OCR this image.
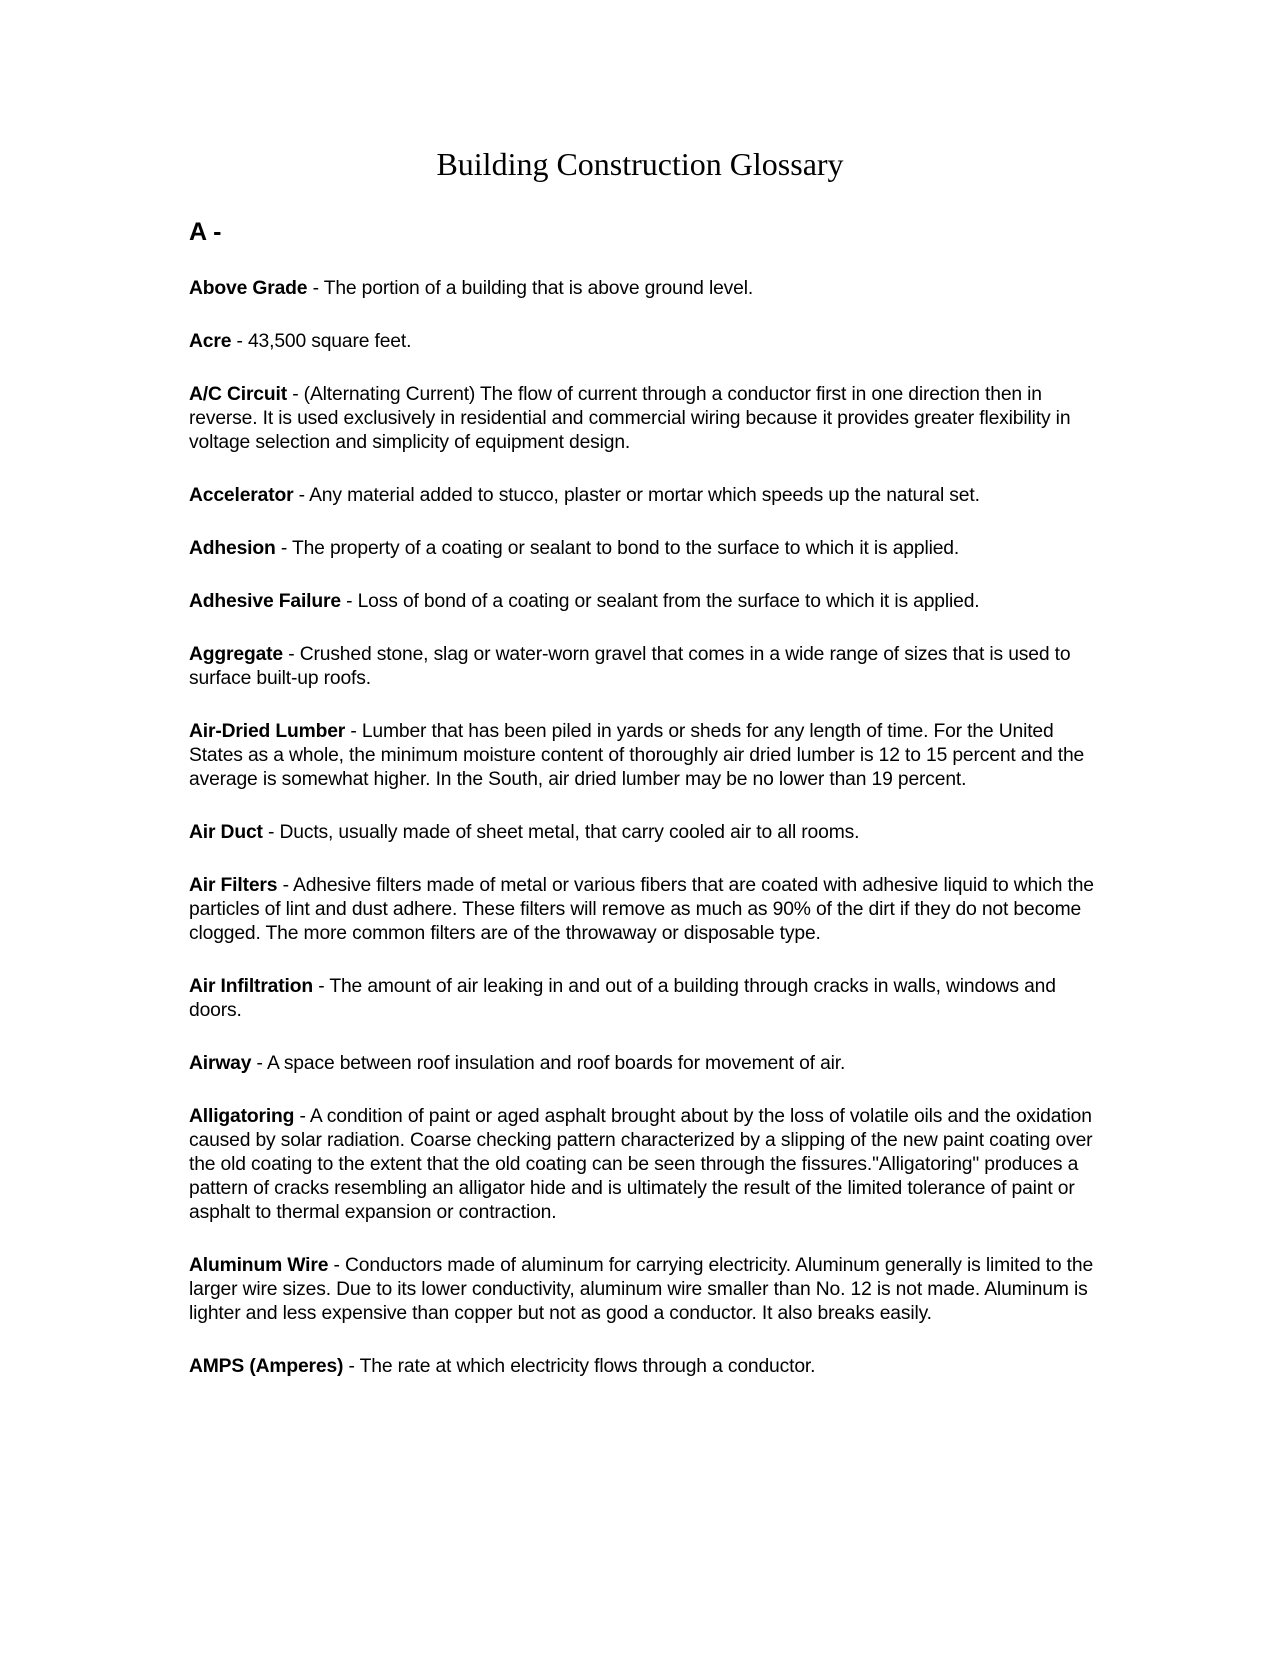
Building Construction Glossary
A -

Above Grade - The portion of a building that is above ground level.

Acre - 43,500 square feet.

A/C Circuit - (Alternating Current) The flow of current through a conductor first in one direction then in reverse. It is used exclusively in residential and commercial wiring because it provides greater flexibility in voltage selection and simplicity of equipment design.

Accelerator - Any material added to stucco, plaster or mortar which speeds up the natural set.

Adhesion - The property of a coating or sealant to bond to the surface to which it is applied.

Adhesive Failure - Loss of bond of a coating or sealant from the surface to which it is applied.

Aggregate - Crushed stone, slag or water-worn gravel that comes in a wide range of sizes that is used to surface built-up roofs.

Air-Dried Lumber - Lumber that has been piled in yards or sheds for any length of time. For the United States as a whole, the minimum moisture content of thoroughly air dried lumber is 12 to 15 percent and the average is somewhat higher. In the South, air dried lumber may be no lower than 19 percent.

Air Duct - Ducts, usually made of sheet metal, that carry cooled air to all rooms.

Air Filters - Adhesive filters made of metal or various fibers that are coated with adhesive liquid to which the particles of lint and dust adhere. These filters will remove as much as 90% of the dirt if they do not become clogged. The more common filters are of the throwaway or disposable type.

Air Infiltration - The amount of air leaking in and out of a building through cracks in walls, windows and doors.

Airway - A space between roof insulation and roof boards for movement of air.

Alligatoring - A condition of paint or aged asphalt brought about by the loss of volatile oils and the oxidation caused by solar radiation. Coarse checking pattern characterized by a slipping of the new paint coating over the old coating to the extent that the old coating can be seen through the fissures."Alligatoring" produces a pattern of cracks resembling an alligator hide and is ultimately the result of the limited tolerance of paint or asphalt to thermal expansion or contraction.

Aluminum Wire - Conductors made of aluminum for carrying electricity. Aluminum generally is limited to the larger wire sizes. Due to its lower conductivity, aluminum wire smaller than No. 12 is not made. Aluminum is lighter and less expensive than copper but not as good a conductor. It also breaks easily.

AMPS (Amperes) - The rate at which electricity flows through a conductor.
